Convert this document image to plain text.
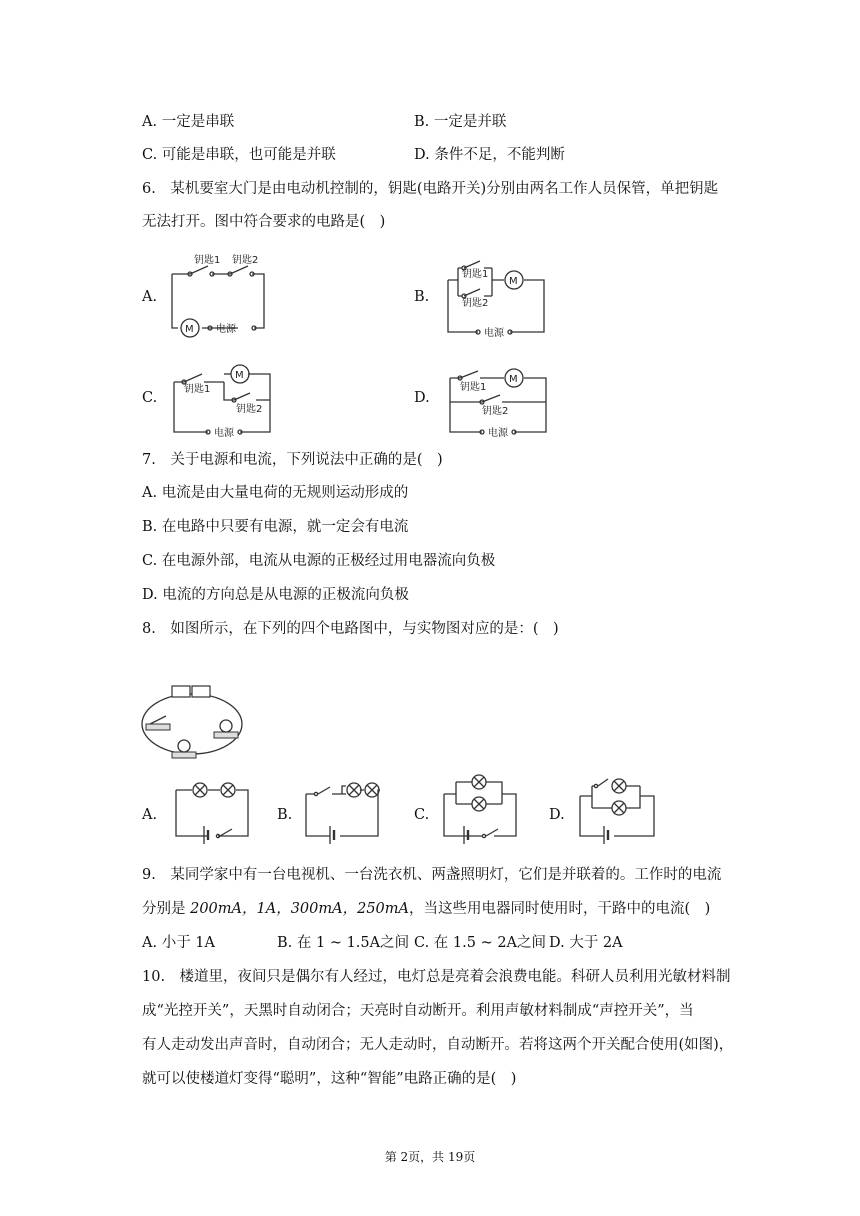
A. 一定是串联	B. 一定是并联
C. 可能是串联，也可能是并联	D. 条件不足，不能判断
6.　某机要室大门是由电动机控制的，钥匙(电路开关)分别由两名工作人员保管，单把钥匙
无法打开。图中符合要求的电路是(　)
A.
钥匙1 钥匙2
M 电源
B.
钥匙1
钥匙2
M
电源
C.
钥匙1
M
钥匙2
电源
D.
钥匙1
M
钥匙2
电源
7.　关于电源和电流，下列说法中正确的是(　)
A. 电流是由大量电荷的无规则运动形成的
B. 在电路中只要有电源，就一定会有电流
C. 在电源外部，电流从电源的正极经过用电器流向负极
D. 电流的方向总是从电源的正极流向负极
8.　如图所示，在下列的四个电路图中，与实物图对应的是：(　)
A.	B.	C.	D.
9.　某同学家中有一台电视机、一台洗衣机、两盏照明灯，它们是并联着的。工作时的电流
分别是 200mA，1A，300mA，250mA，当这些用电器同时使用时，干路中的电流(　)
A. 小于 1A	B. 在 1 ~ 1.5A之间 C. 在 1.5 ~ 2A之间 D. 大于 2A
10.　楼道里，夜间只是偶尔有人经过，电灯总是亮着会浪费电能。科研人员利用光敏材料制
成“光控开关”，天黑时自动闭合；天亮时自动断开。利用声敏材料制成“声控开关”，当
有人走动发出声音时，自动闭合；无人走动时，自动断开。若将这两个开关配合使用(如图)，
就可以使楼道灯变得“聪明”，这种“智能”电路正确的是(　)
第 2页，共 19页
